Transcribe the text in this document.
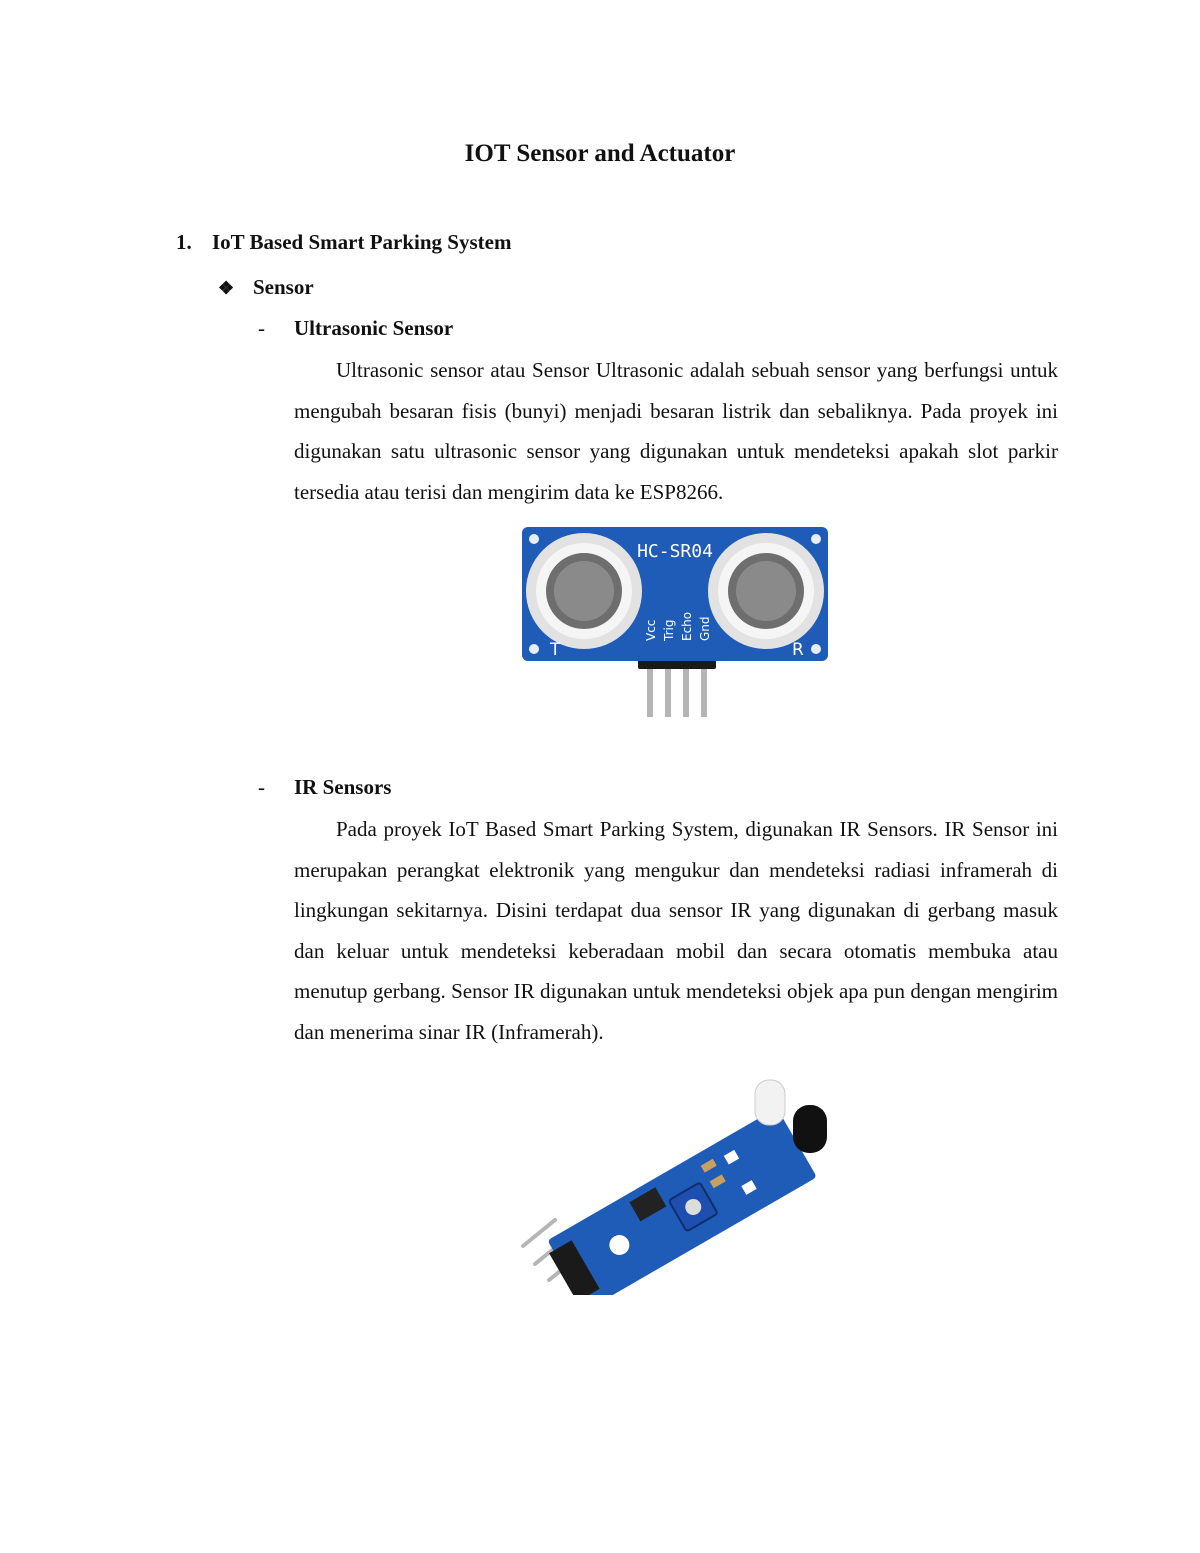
IOT Sensor and Actuator
1. IoT Based Smart Parking System
❖ Sensor
- Ultrasonic Sensor

Ultrasonic sensor atau Sensor Ultrasonic adalah sebuah sensor yang berfungsi untuk mengubah besaran fisis (bunyi) menjadi besaran listrik dan sebaliknya. Pada proyek ini digunakan satu ultrasonic sensor yang digunakan untuk mendeteksi apakah slot parkir tersedia atau terisi dan mengirim data ke ESP8266.

HC-SR04
T	R
Vcc Trig Echo Gnd
- IR Sensors

Pada proyek IoT Based Smart Parking System, digunakan IR Sensors. IR Sensor ini merupakan perangkat elektronik yang mengukur dan mendeteksi radiasi inframerah di lingkungan sekitarnya. Disini terdapat dua sensor IR yang digunakan di gerbang masuk dan keluar untuk mendeteksi keberadaan mobil dan secara otomatis membuka atau menutup gerbang. Sensor IR digunakan untuk mendeteksi objek apa pun dengan mengirim dan menerima sinar IR (Inframerah).
